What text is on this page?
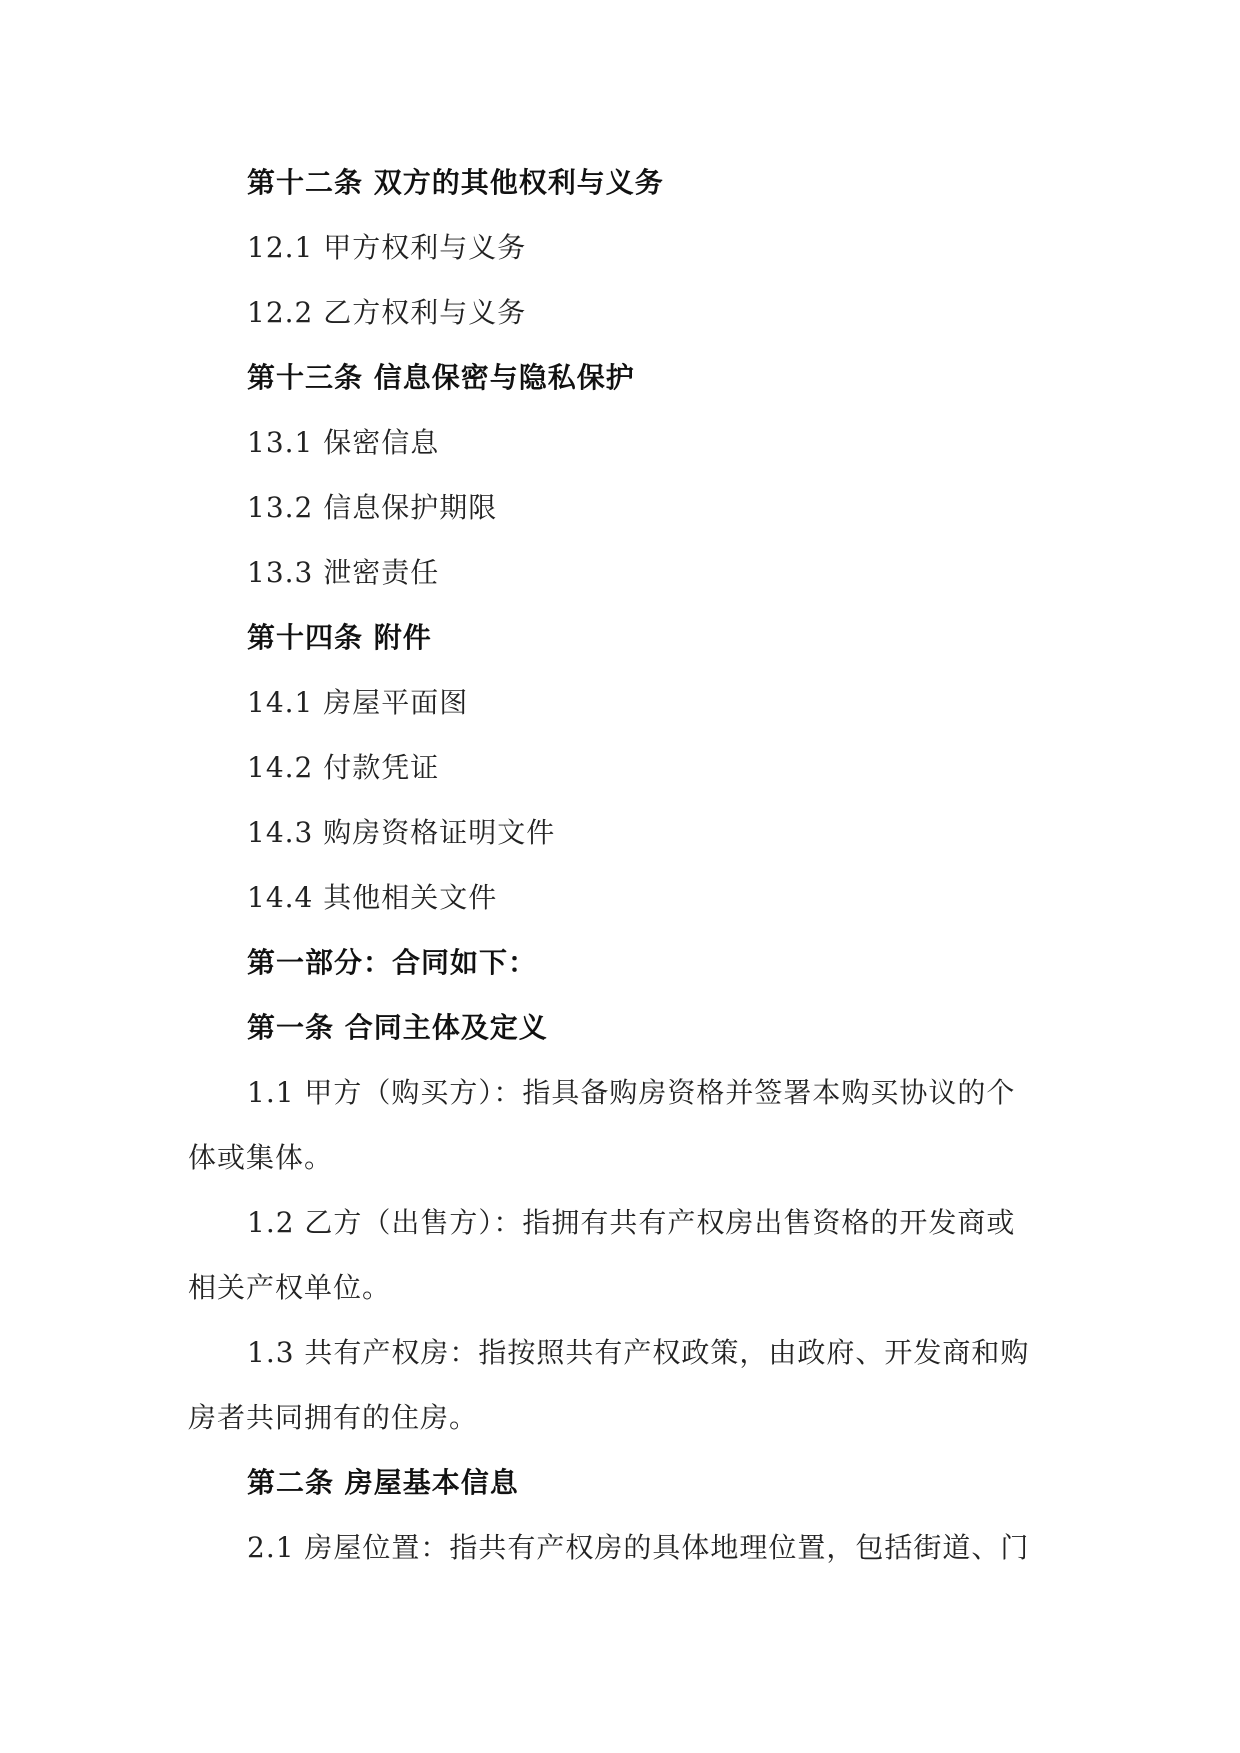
第十二条 双方的其他权利与义务
12.1 甲方权利与义务
12.2 乙方权利与义务
第十三条 信息保密与隐私保护
13.1 保密信息
13.2 信息保护期限
13.3 泄密责任
第十四条 附件
14.1 房屋平面图
14.2 付款凭证
14.3 购房资格证明文件
14.4 其他相关文件
第一部分：合同如下：
第一条 合同主体及定义
1.1 甲方（购买方）：指具备购房资格并签署本购买协议的个
体或集体。
1.2 乙方（出售方）：指拥有共有产权房出售资格的开发商或
相关产权单位。
1.3 共有产权房：指按照共有产权政策，由政府、开发商和购
房者共同拥有的住房。
第二条 房屋基本信息
2.1 房屋位置：指共有产权房的具体地理位置，包括街道、门
